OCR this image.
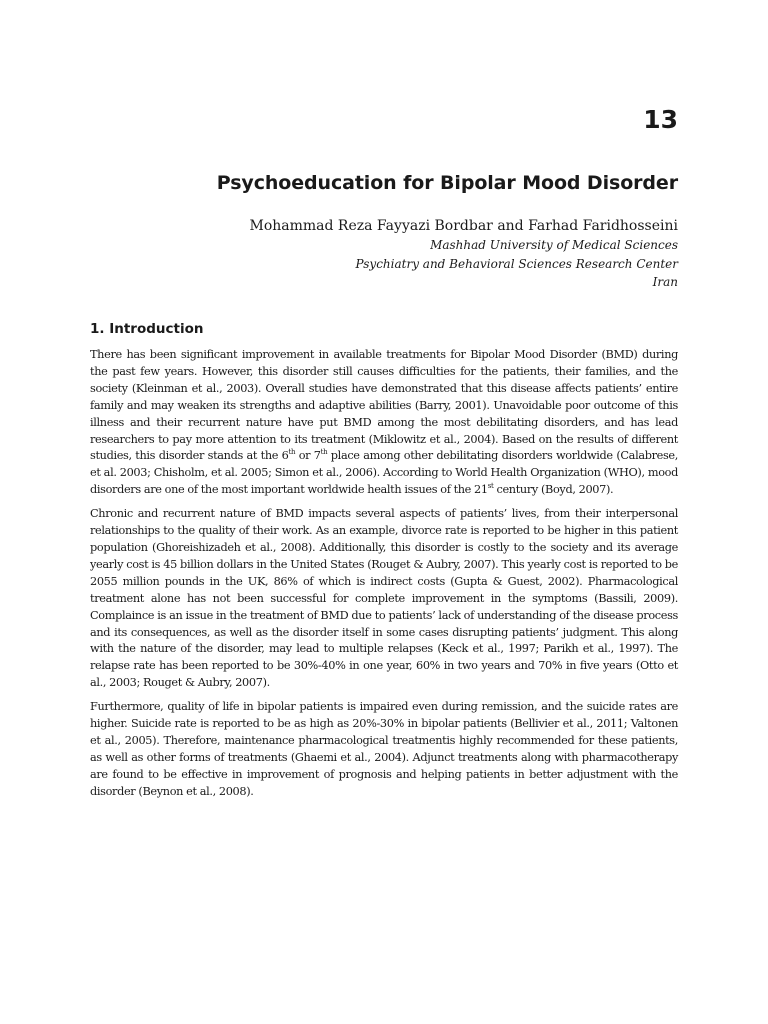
13
Psychoeducation for Bipolar Mood Disorder
Mohammad Reza Fayyazi Bordbar and Farhad Faridhosseini
Mashhad University of Medical Sciences
Psychiatry and Behavioral Sciences Research Center
Iran
1. Introduction

There has been significant improvement in available treatments for Bipolar Mood Disorder (BMD) during the past few years. However, this disorder still causes difficulties for the patients, their families, and the society (Kleinman et al., 2003). Overall studies have demonstrated that this disease affects patients’ entire family and may weaken its strengths and adaptive abilities (Barry, 2001). Unavoidable poor outcome of this illness and their recurrent nature have put BMD among the most debilitating disorders, and has lead researchers to pay more attention to its treatment (Miklowitz et al., 2004). Based on the results of different studies, this disorder stands at the 6th or 7th place among other debilitating disorders worldwide (Calabrese, et al. 2003; Chisholm, et al. 2005; Simon et al., 2006). According to World Health Organization (WHO), mood disorders are one of the most important worldwide health issues of the 21st century (Boyd, 2007).

Chronic and recurrent nature of BMD impacts several aspects of patients’ lives, from their interpersonal relationships to the quality of their work. As an example, divorce rate is reported to be higher in this patient population (Ghoreishizadeh et al., 2008). Additionally, this disorder is costly to the society and its average yearly cost is 45 billion dollars in the United States (Rouget & Aubry, 2007). This yearly cost is reported to be 2055 million pounds in the UK, 86% of which is indirect costs (Gupta & Guest, 2002). Pharmacological treatment alone has not been successful for complete improvement in the symptoms (Bassili, 2009). Complaince is an issue in the treatment of BMD due to patients’ lack of understanding of the disease process and its consequences, as well as the disorder itself in some cases disrupting patients’ judgment. This along with the nature of the disorder, may lead to multiple relapses (Keck et al., 1997; Parikh et al., 1997). The relapse rate has been reported to be 30%-40% in one year, 60% in two years and 70% in five years (Otto et al., 2003; Rouget & Aubry, 2007).

Furthermore, quality of life in bipolar patients is impaired even during remission, and the suicide rates are higher. Suicide rate is reported to be as high as 20%-30% in bipolar patients (Bellivier et al., 2011; Valtonen et al., 2005). Therefore, maintenance pharmacological treatmentis highly recommended for these patients, as well as other forms of treatments (Ghaemi et al., 2004). Adjunct treatments along with pharmacotherapy are found to be effective in improvement of prognosis and helping patients in better adjustment with the disorder (Beynon et al., 2008).
